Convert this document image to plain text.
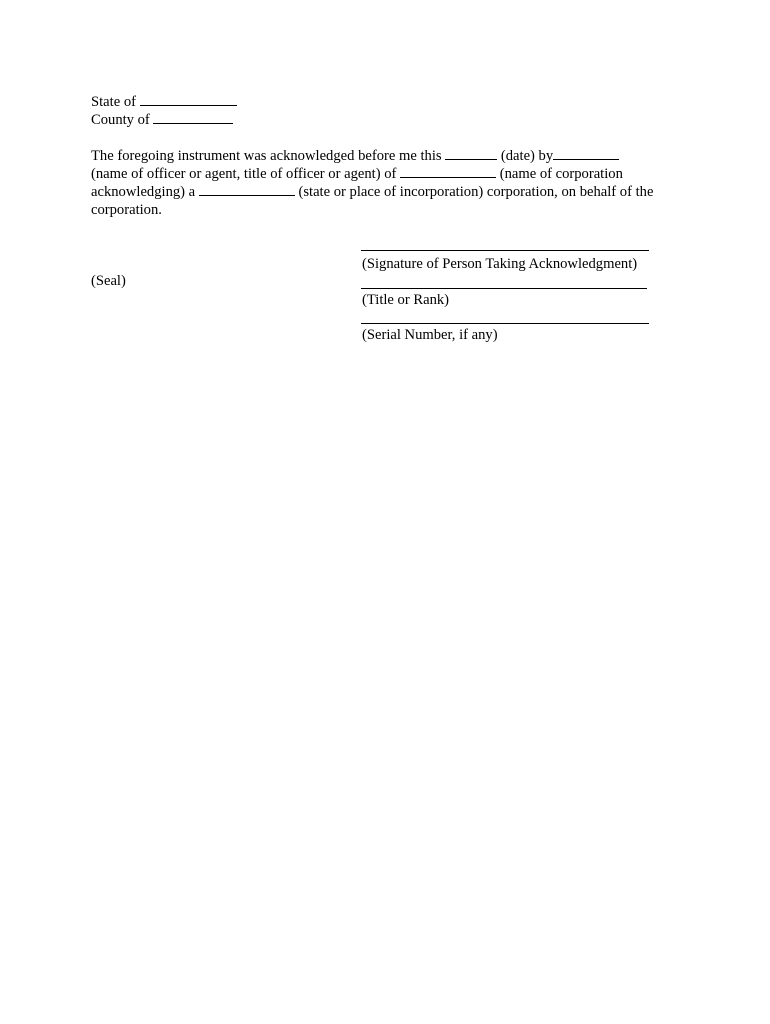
State of
County of
The foregoing instrument was acknowledged before me this	(date) by
(name of officer or agent, title of officer or agent) of	(name of corporation
acknowledging) a	(state or place of incorporation) corporation, on behalf of the
corporation.
(Seal)
(Signature of Person Taking Acknowledgment)
(Title or Rank)
(Serial Number, if any)
